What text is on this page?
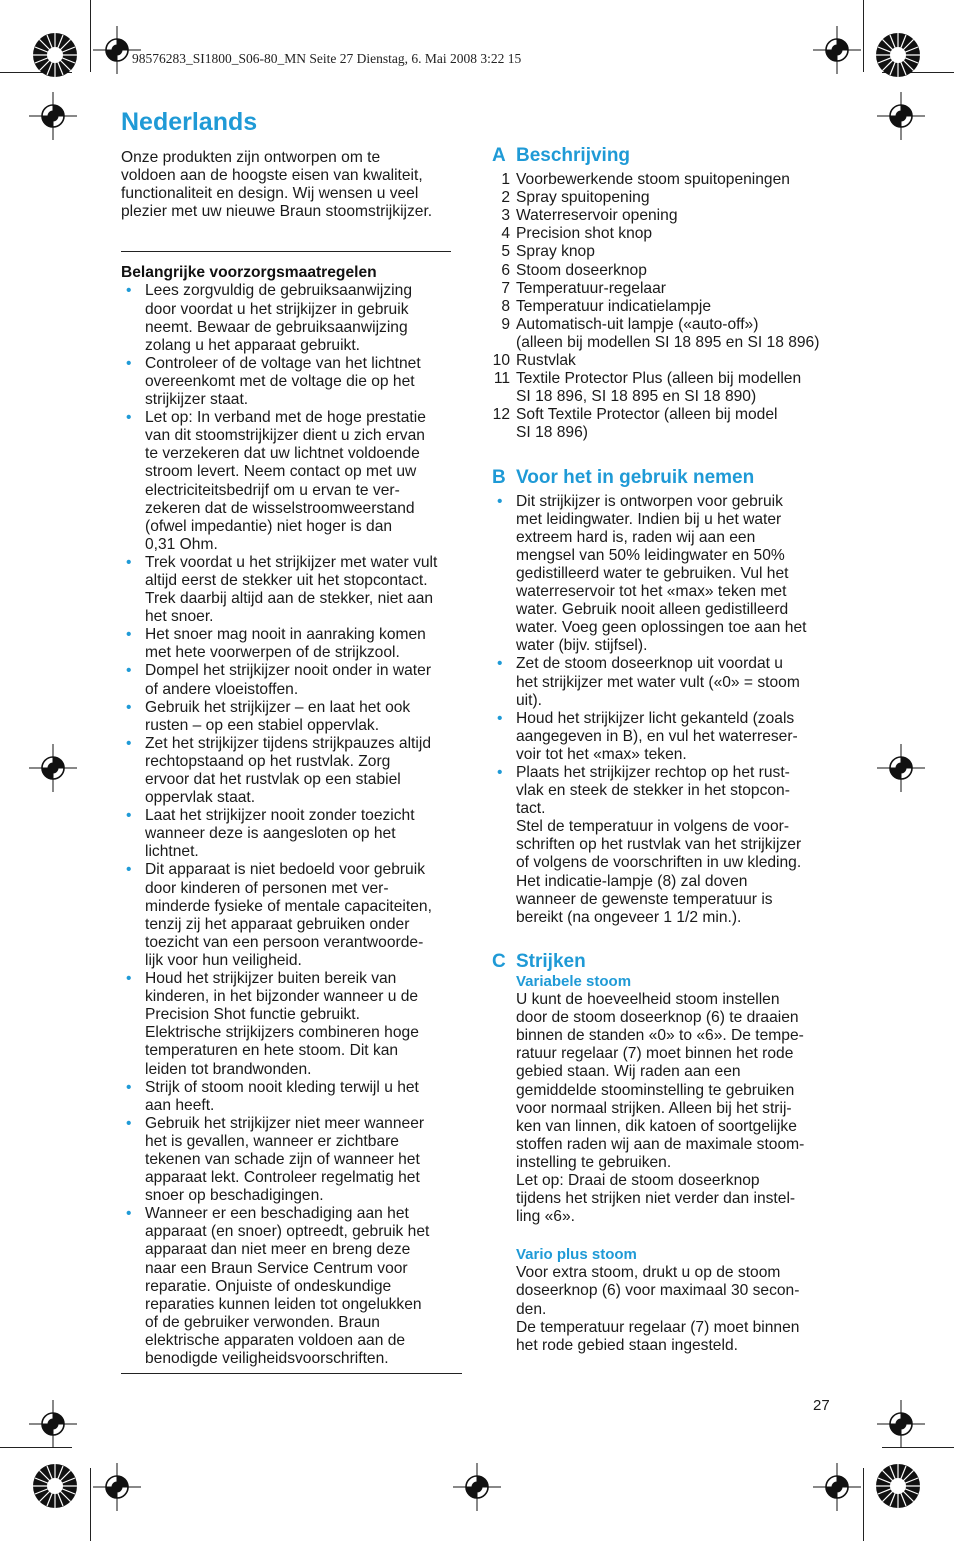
98576283_SI1800_S06-80_MN Seite 27 Dienstag, 6. Mai 2008 3:22 15
Nederlands
Onze produkten zijn ontworpen om te
voldoen aan de hoogste eisen van kwaliteit,
functionaliteit en design. Wij wensen u veel
plezier met uw nieuwe Braun stoomstrijkijzer.
Belangrijke voorzorgsmaatregelen
• Lees zorgvuldig de gebruiksaanwijzing
door voordat u het strijkijzer in gebruik
neemt. Bewaar de gebruiksaanwijzing
zolang u het apparaat gebruikt.
• Controleer of de voltage van het lichtnet
overeenkomt met de voltage die op het
strijkijzer staat.
• Let op: In verband met de hoge prestatie
van dit stoomstrijkijzer dient u zich ervan
te verzekeren dat uw lichtnet voldoende
stroom levert. Neem contact op met uw
electriciteitsbedrijf om u ervan te ver-
zekeren dat de wisselstroomweerstand
(ofwel impedantie) niet hoger is dan
0,31 Ohm.
• Trek voordat u het strijkijzer met water vult
altijd eerst de stekker uit het stopcontact.
Trek daarbij altijd aan de stekker, niet aan
het snoer.
• Het snoer mag nooit in aanraking komen
met hete voorwerpen of de strijkzool.
• Dompel het strijkijzer nooit onder in water
of andere vloeistoffen.
• Gebruik het strijkijzer – en laat het ook
rusten – op een stabiel oppervlak.
• Zet het strijkijzer tijdens strijkpauzes altijd
rechtopstaand op het rustvlak. Zorg
ervoor dat het rustvlak op een stabiel
oppervlak staat.
• Laat het strijkijzer nooit zonder toezicht
wanneer deze is aangesloten op het
lichtnet.
• Dit apparaat is niet bedoeld voor gebruik
door kinderen of personen met ver-
minderde fysieke of mentale capaciteiten,
tenzij zij het apparaat gebruiken onder
toezicht van een persoon verantwoorde-
lijk voor hun veiligheid.
• Houd het strijkijzer buiten bereik van
kinderen, in het bijzonder wanneer u de
Precision Shot functie gebruikt.
Elektrische strijkijzers combineren hoge
temperaturen en hete stoom. Dit kan
leiden tot brandwonden.
• Strijk of stoom nooit kleding terwijl u het
aan heeft.
• Gebruik het strijkijzer niet meer wanneer
het is gevallen, wanneer er zichtbare
tekenen van schade zijn of wanneer het
apparaat lekt. Controleer regelmatig het
snoer op beschadigingen.
• Wanneer er een beschadiging aan het
apparaat (en snoer) optreedt, gebruik het
apparaat dan niet meer en breng deze
naar een Braun Service Centrum voor
reparatie. Onjuiste of ondeskundige
reparaties kunnen leiden tot ongelukken
of de gebruiker verwonden. Braun
elektrische apparaten voldoen aan de
benodigde veiligheidsvoorschriften.
A Beschrijving
1 Voorbewerkende stoom spuitopeningen
2 Spray spuitopening
3 Waterreservoir opening
4 Precision shot knop
5 Spray knop
6 Stoom doseerknop
7 Temperatuur-regelaar
8 Temperatuur indicatielampje
9 Automatisch-uit lampje («auto-off»)
(alleen bij modellen SI 18 895 en SI 18 896)
10 Rustvlak
11 Textile Protector Plus (alleen bij modellen
SI 18 896, SI 18 895 en SI 18 890)
12 Soft Textile Protector (alleen bij model
SI 18 896)
B Voor het in gebruik nemen
• Dit strijkijzer is ontworpen voor gebruik
met leidingwater. Indien bij u het water
extreem hard is, raden wij aan een
mengsel van 50% leidingwater en 50%
gedistilleerd water te gebruiken. Vul het
waterreservoir tot het «max» teken met
water. Gebruik nooit alleen gedistilleerd
water. Voeg geen oplossingen toe aan het
water (bijv. stijfsel).
• Zet de stoom doseerknop uit voordat u
het strijkijzer met water vult («0» = stoom
uit).
• Houd het strijkijzer licht gekanteld (zoals
aangegeven in B), en vul het waterreser-
voir tot het «max» teken.
• Plaats het strijkijzer rechtop op het rust-
vlak en steek de stekker in het stopcon-
tact.
Stel de temperatuur in volgens de voor-
schriften op het rustvlak van het strijkijzer
of volgens de voorschriften in uw kleding.
Het indicatie-lampje (8) zal doven
wanneer de gewenste temperatuur is
bereikt (na ongeveer 1 1/2 min.).
C Strijken
Variabele stoom
U kunt de hoeveelheid stoom instellen
door de stoom doseerknop (6) te draaien
binnen de standen «0» to «6». De tempe-
ratuur regelaar (7) moet binnen het rode
gebied staan. Wij raden aan een
gemiddelde stoominstelling te gebruiken
voor normaal strijken. Alleen bij het strij-
ken van linnen, dik katoen of soortgelijke
stoffen raden wij aan de maximale stoom-
instelling te gebruiken.
Let op: Draai de stoom doseerknop
tijdens het strijken niet verder dan instel-
ling «6».
Vario plus stoom
Voor extra stoom, drukt u op de stoom
doseerknop (6) voor maximaal 30 secon-
den.
De temperatuur regelaar (7) moet binnen
het rode gebied staan ingesteld.
27
